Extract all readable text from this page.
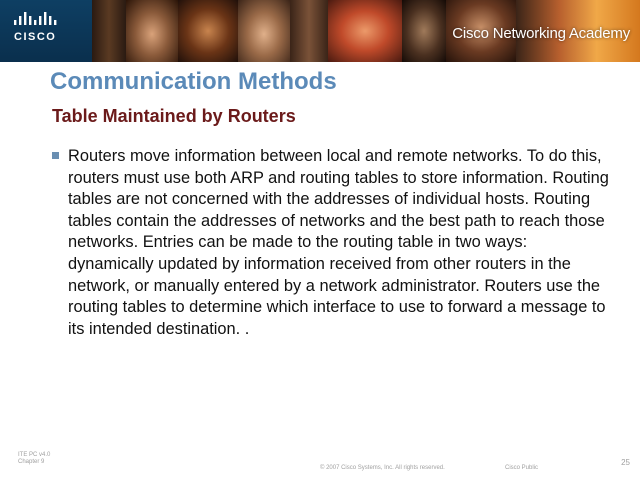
CISCO	Cisco Networking Academy
Communication Methods
Table Maintained by Routers
Routers move information between local and remote networks. To do this, routers must use both ARP and routing tables to store information. Routing tables are not concerned with the addresses of individual hosts. Routing tables contain the addresses of networks and the best path to reach those networks. Entries can be made to the routing table in two ways: dynamically updated by information received from other routers in the network, or manually entered by a network administrator. Routers use the routing tables to determine which interface to use to forward a message to its intended destination. .
ITE PC v4.0
Chapter 9
© 2007 Cisco Systems, Inc. All rights reserved.	Cisco Public
25
